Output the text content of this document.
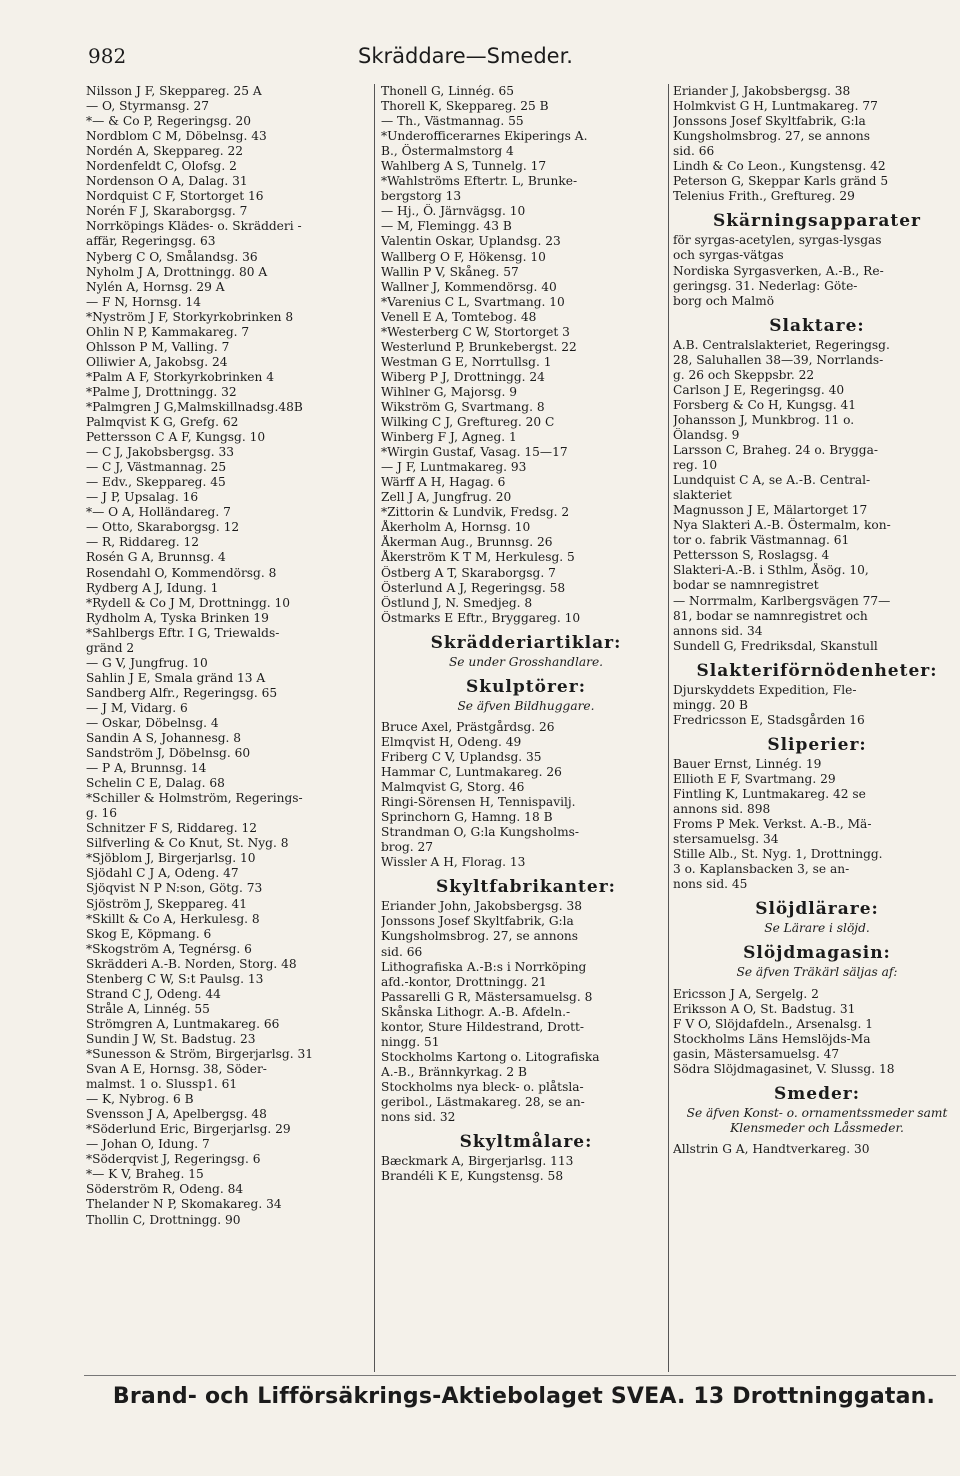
982	Skräddare—Smeder.
Nilsson J F, Skeppareg. 25 A
— O, Styrmansg. 27
*— & Co P, Regeringsg. 20
Nordblom C M, Döbelnsg. 43
Nordén A, Skeppareg. 22
Nordenfeldt C, Olofsg. 2
Nordenson O A, Dalag. 31
Nordquist C F, Stortorget 16
Norén F J, Skaraborgsg. 7
Norrköpings Klädes- o. Skrädderi -
affär, Regeringsg. 63
Nyberg C O, Smålandsg. 36
Nyholm J A, Drottningg. 80 A
Nylén A, Hornsg. 29 A
— F N, Hornsg. 14
*Nyström J F, Storkyrkobrinken 8
Ohlin N P, Kammakareg. 7
Ohlsson P M, Valling. 7
Olliwier A, Jakobsg. 24
*Palm A F, Storkyrkobrinken 4
*Palme J, Drottningg. 32
*Palmgren J G,Malmskillnadsg.48B
Palmqvist K G, Grefg. 62
Pettersson C A F, Kungsg. 10
— C J, Jakobsbergsg. 33
— C J, Västmannag. 25
— Edv., Skeppareg. 45
— J P, Upsalag. 16
*— O A, Holländareg. 7
— Otto, Skaraborgsg. 12
— R, Riddareg. 12
Rosén G A, Brunnsg. 4
Rosendahl O, Kommendörsg. 8
Rydberg A J, Idung. 1
*Rydell & Co J M, Drottningg. 10
Rydholm A, Tyska Brinken 19
*Sahlbergs Eftr. I G, Triewalds-
gränd 2
— G V, Jungfrug. 10
Sahlin J E, Smala gränd 13 A
Sandberg Alfr., Regeringsg. 65
— J M, Vidarg. 6
— Oskar, Döbelnsg. 4
Sandin A S, Johannesg. 8
Sandström J, Döbelnsg. 60
— P A, Brunnsg. 14
Schelin C E, Dalag. 68
*Schiller & Holmström, Regerings-
g. 16
Schnitzer F S, Riddareg. 12
Silfverling & Co Knut, St. Nyg. 8
*Sjöblom J, Birgerjarlsg. 10
Sjödahl C J A, Odeng. 47
Sjöqvist N P N:son, Götg. 73
Sjöström J, Skeppareg. 41
*Skillt & Co A, Herkulesg. 8
Skog E, Köpmang. 6
*Skogström A, Tegnérsg. 6
Skrädderi A.-B. Norden, Storg. 48
Stenberg C W, S:t Paulsg. 13
Strand C J, Odeng. 44
Stråle A, Linnég. 55
Strömgren A, Luntmakareg. 66
Sundin J W, St. Badstug. 23
*Sunesson & Ström, Birgerjarlsg. 31
Svan A E, Hornsg. 38, Söder-
malmst. 1 o. Slussp1. 61
— K, Nybrog. 6 B
Svensson J A, Apelbergsg. 48
*Söderlund Eric, Birgerjarlsg. 29
— Johan O, Idung. 7
*Söderqvist J, Regeringsg. 6
*— K V, Braheg. 15
Söderström R, Odeng. 84
Thelander N P, Skomakareg. 34
Thollin C, Drottningg. 90
Thonell G, Linnég. 65
Thorell K, Skeppareg. 25 B
— Th., Västmannag. 55
*Underofficerarnes Ekiperings A.
B., Östermalmstorg 4
Wahlberg A S, Tunnelg. 17
*Wahlströms Eftertr. L, Brunke-
bergstorg 13
— Hj., Ö. Järnvägsg. 10
— M, Flemingg. 43 B
Valentin Oskar, Uplandsg. 23
Wallberg O F, Hökensg. 10
Wallin P V, Skåneg. 57
Wallner J, Kommendörsg. 40
*Varenius C L, Svartmang. 10
Venell E A, Tomtebog. 48
*Westerberg C W, Stortorget 3
Westerlund P, Brunkebergst. 22
Westman G E, Norrtullsg. 1
Wiberg P J, Drottningg. 24
Wihlner G, Majorsg. 9
Wikström G, Svartmang. 8
Wilking C J, Greftureg. 20 C
Winberg F J, Agneg. 1
*Wirgin Gustaf, Vasag. 15—17
— J F, Luntmakareg. 93
Wärff A H, Hagag. 6
Zell J A, Jungfrug. 20
*Zittorin & Lundvik, Fredsg. 2
Åkerholm A, Hornsg. 10
Åkerman Aug., Brunnsg. 26
Åkerström K T M, Herkulesg. 5
Östberg A T, Skaraborgsg. 7
Österlund A J, Regeringsg. 58
Östlund J, N. Smedjeg. 8
Östmarks E Eftr., Bryggareg. 10
Skrädderiartiklar:
Se under Grosshandlare.
Skulptörer:
Se äfven Bildhuggare.
Bruce Axel, Prästgårdsg. 26
Elmqvist H, Odeng. 49
Friberg C V, Uplandsg. 35
Hammar C, Luntmakareg. 26
Malmqvist G, Storg. 46
Ringi-Sörensen H, Tennispavilj.
Sprinchorn G, Hamng. 18 B
Strandman O, G:la Kungsholms-
brog. 27
Wissler A H, Florag. 13
Skyltfabrikanter:
Eriander John, Jakobsbergsg. 38
Jonssons Josef Skyltfabrik, G:la
Kungsholmsbrog. 27, se annons
sid. 66
Lithografiska A.-B:s i Norrköping
afd.-kontor, Drottningg. 21
Passarelli G R, Mästersamuelsg. 8
Skånska Lithogr. A.-B. Afdeln.-
kontor, Sture Hildestrand, Drott-
ningg. 51
Stockholms Kartong o. Litografiska
A.-B., Brännkyrkag. 2 B
Stockholms nya bleck- o. plåtsla-
geribol., Lästmakareg. 28, se an-
nons sid. 32
Skyltmålare:
Bæckmark A, Birgerjarlsg. 113
Brandéli K E, Kungstensg. 58
Eriander J, Jakobsbergsg. 38
Holmkvist G H, Luntmakareg. 77
Jonssons Josef Skyltfabrik, G:la
Kungsholmsbrog. 27, se annons
sid. 66
Lindh & Co Leon., Kungstensg. 42
Peterson G, Skeppar Karls gränd 5
Telenius Frith., Greftureg. 29
Skärningsapparater
för syrgas-acetylen, syrgas-lysgas
och syrgas-vätgas
Nordiska Syrgasverken, A.-B., Re-
geringsg. 31. Nederlag: Göte-
borg och Malmö
Slaktare:
A.B. Centralslakteriet, Regeringsg.
28, Saluhallen 38—39, Norrlands-
g. 26 och Skeppsbr. 22
Carlson J E, Regeringsg. 40
Forsberg & Co H, Kungsg. 41
Johansson J, Munkbrog. 11 o.
Ölandsg. 9
Larsson C, Braheg. 24 o. Brygga-
reg. 10
Lundquist C A, se A.-B. Central-
slakteriet
Magnusson J E, Mälartorget 17
Nya Slakteri A.-B. Östermalm, kon-
tor o. fabrik Västmannag. 61
Pettersson S, Roslagsg. 4
Slakteri-A.-B. i Sthlm, Åsög. 10,
bodar se namnregistret
— Norrmalm, Karlbergsvägen 77—
81, bodar se namnregistret och
annons sid. 34
Sundell G, Fredriksdal, Skanstull
Slakteriförnödenheter:
Djurskyddets Expedition, Fle-
mingg. 20 B
Fredricsson E, Stadsgården 16
Sliperier:
Bauer Ernst, Linnég. 19
Ellioth E F, Svartmang. 29
Fintling K, Luntmakareg. 42 se
annons sid. 898
Froms P Mek. Verkst. A.-B., Mä-
stersamuelsg. 34
Stille Alb., St. Nyg. 1, Drottningg.
3 o. Kaplansbacken 3, se an-
nons sid. 45
Slöjdlärare:
Se Lärare i slöjd.
Slöjdmagasin:
Se äfven Träkärl säljas af:
Ericsson J A, Sergelg. 2
Eriksson A O, St. Badstug. 31
F V O, Slöjdafdeln., Arsenalsg. 1
Stockholms Läns Hemslöjds-Ma
gasin, Mästersamuelsg. 47
Södra Slöjdmagasinet, V. Slussg. 18
Smeder:
Se äfven Konst- o. ornamentssmeder samt Klensmeder och Låssmeder.
Allstrin G A, Handtverkareg. 30
Brand- och Lifförsäkrings-Aktiebolaget SVEA. 13 Drottninggatan.
